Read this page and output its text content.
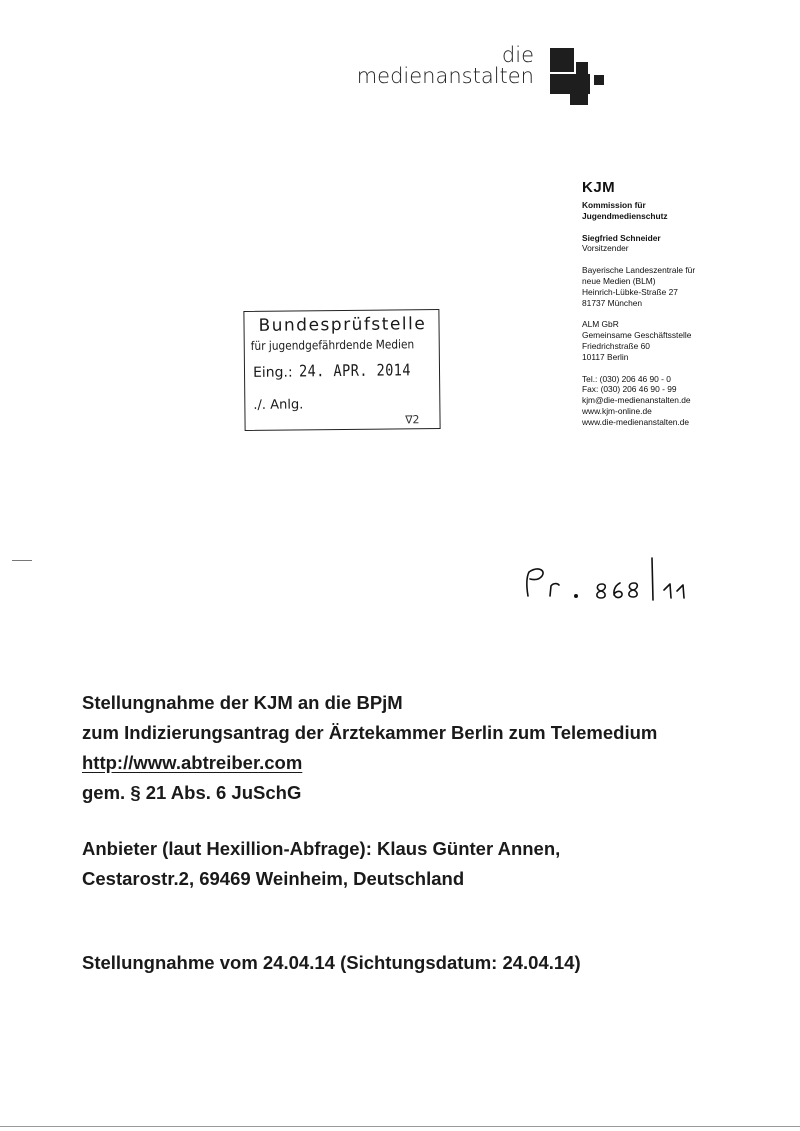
die
medienanstalten
KJM
Kommission für
Jugendmedienschutz
Siegfried Schneider
Vorsitzender
Bayerische Landeszentrale für
neue Medien (BLM)
Heinrich-Lübke-Straße 27
81737 München
ALM GbR
Gemeinsame Geschäftsstelle
Friedrichstraße 60
10117 Berlin
Tel.: (030) 206 46 90 - 0
Fax: (030) 206 46 90 - 99
kjm@die-medienanstalten.de
www.kjm-online.de
www.die-medienanstalten.de
Bundesprüfstelle
für jugendgefährdende Medien
Eing.: 24. APR. 2014
./. Anlg.
∇2
Stellungnahme der KJM an die BPjM
zum Indizierungsantrag der Ärztekammer Berlin zum Telemedium
http://www.abtreiber.com
gem. § 21 Abs. 6 JuSchG
Anbieter (laut Hexillion-Abfrage): Klaus Günter Annen,
Cestarostr.2, 69469 Weinheim, Deutschland
Stellungnahme vom 24.04.14 (Sichtungsdatum: 24.04.14)
